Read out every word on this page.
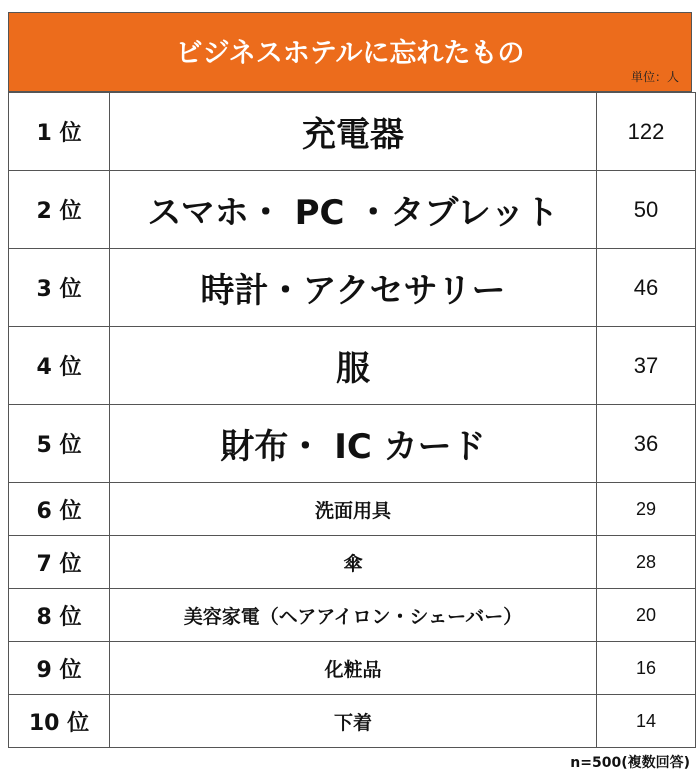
ビジネスホテルに忘れたもの
単位：人
1 位	充電器	122
2 位	スマホ・ PC ・タブレット	50
3 位	時計・アクセサリー	46
4 位	服	37
5 位	財布・ IC カード	36
6 位	洗面用具	29
7 位	傘	28
8 位	美容家電（ヘアアイロン・シェーバー）	20
9 位	化粧品	16
10 位	下着	14
n=500(複数回答)
